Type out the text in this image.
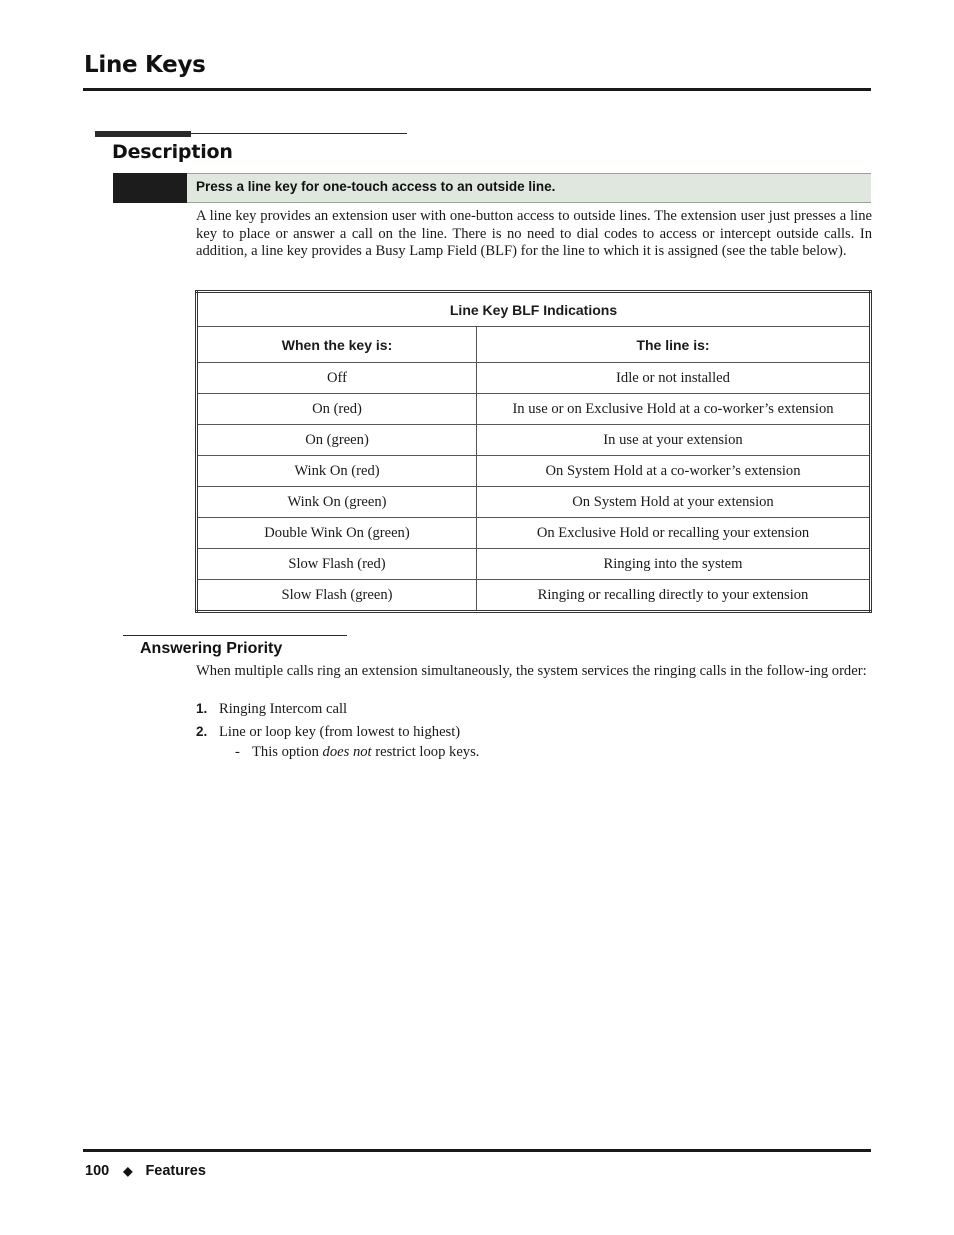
Line Keys
Description
Press a line key for one-touch access to an outside line.

A line key provides an extension user with one-button access to outside lines. The extension user just presses a line key to place or answer a call on the line. There is no need to dial codes to access or intercept outside calls. In addition, a line key provides a Busy Lamp Field (BLF) for the line to which it is assigned (see the table below).

Line Key BLF Indications	
When the key is:	The line is:
Off	Idle or not installed
On (red)	In use or on Exclusive Hold at a co-worker’s extension
On (green)	In use at your extension
Wink On (red)	On System Hold at a co-worker’s extension
Wink On (green)	On System Hold at your extension
Double Wink On (green)	On Exclusive Hold or recalling your extension
Slow Flash (red)	Ringing into the system
Slow Flash (green)	Ringing or recalling directly to your extension
Answering Priority

When multiple calls ring an extension simultaneously, the system services the ringing calls in the follow-ing order:

1. Ringing Intercom call
2. Line or loop key (from lowest to highest)
- This option does not restrict loop keys.
100 ◆ Features
